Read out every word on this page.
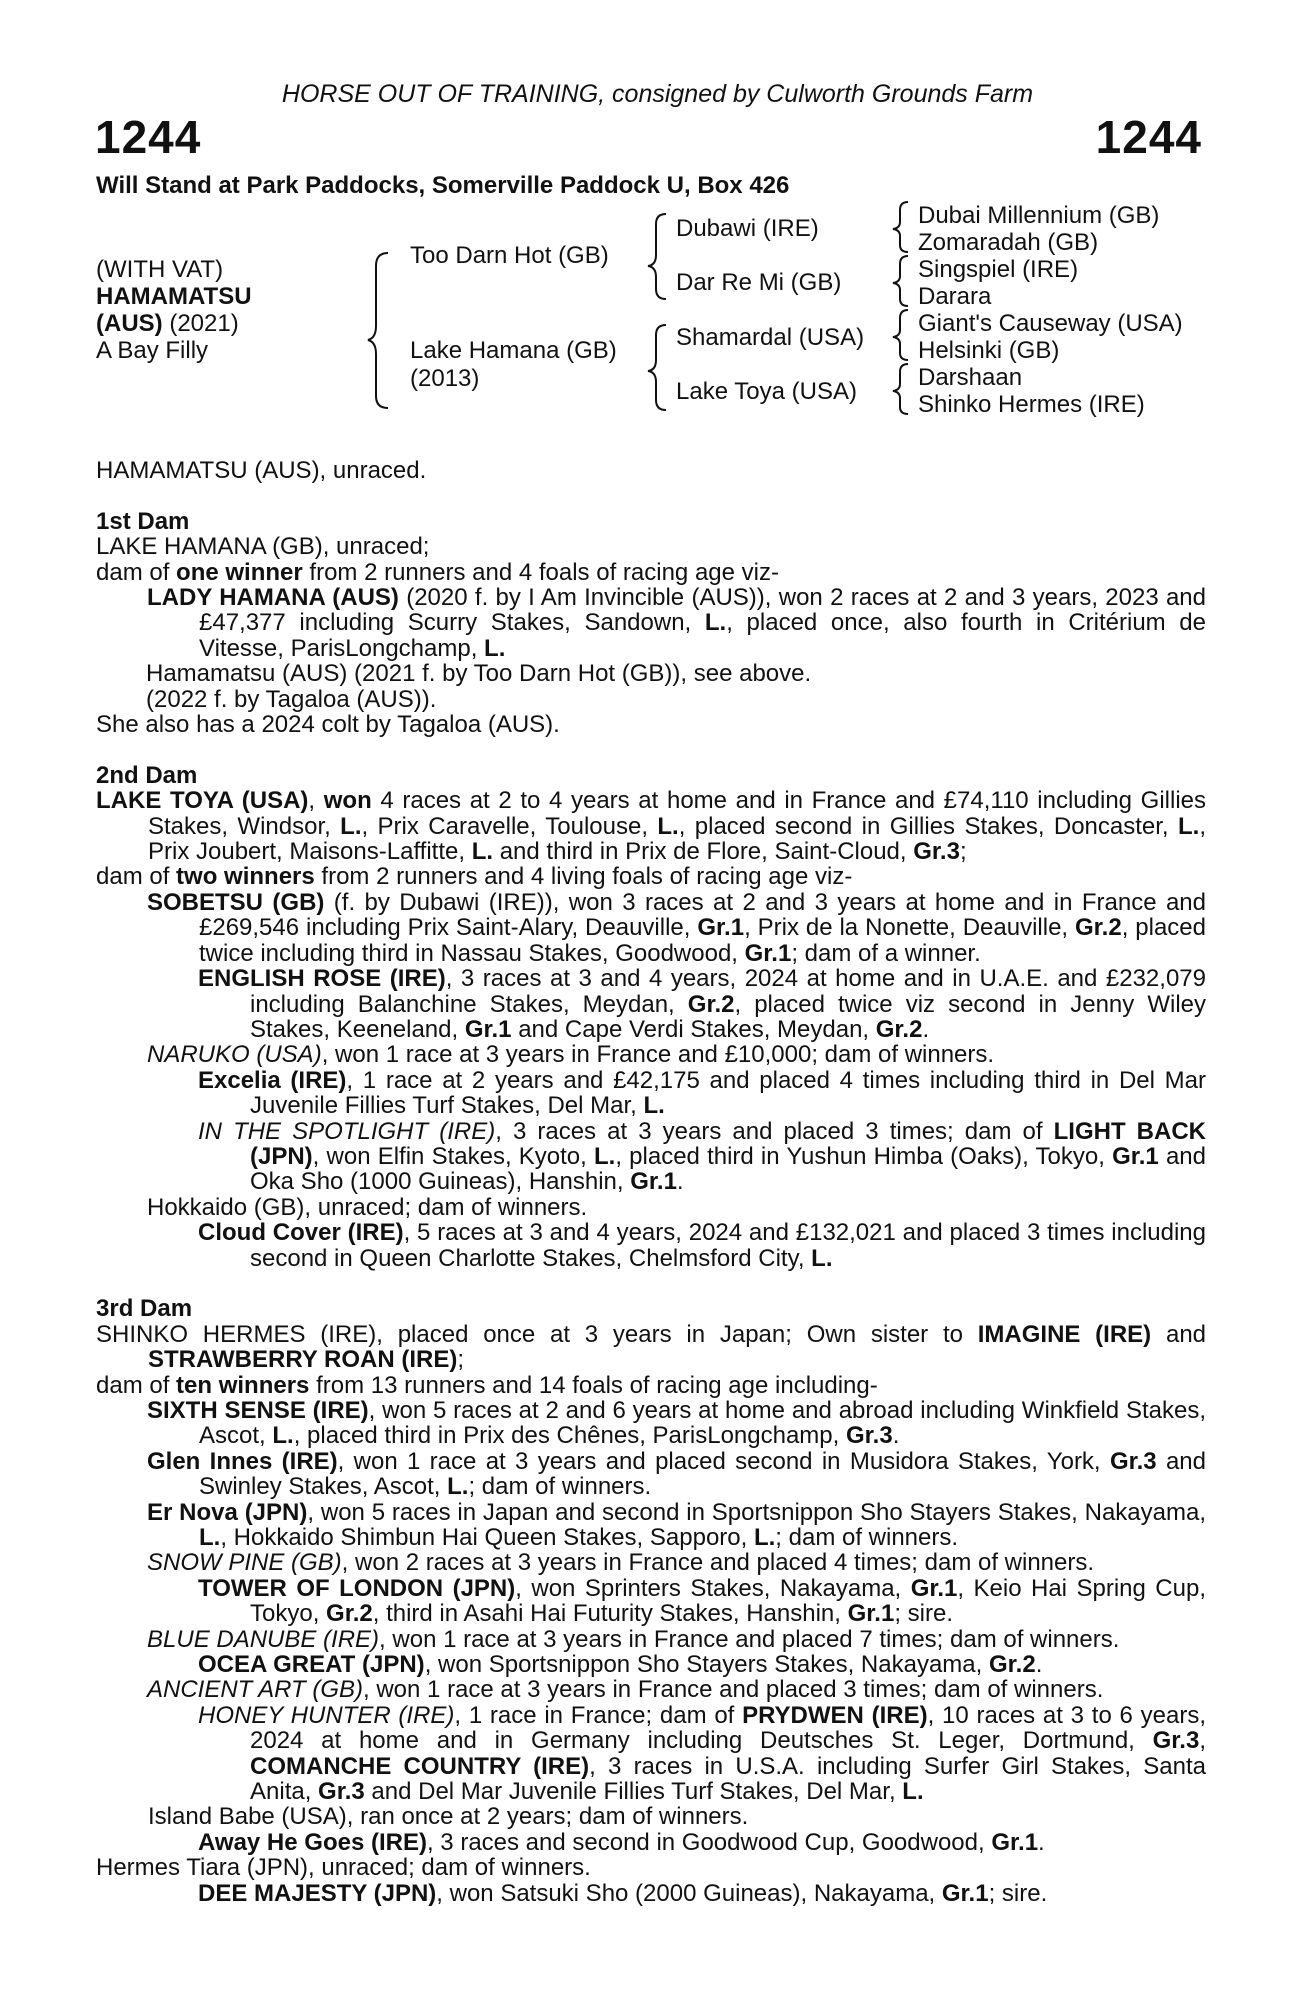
HORSE OUT OF TRAINING, consigned by Culworth Grounds Farm
1244	1244
Will Stand at Park Paddocks, Somerville Paddock U, Box 426
(WITH VAT)
HAMAMATSU
(AUS) (2021)
A Bay Filly
Too Darn Hot (GB)
Lake Hamana (GB)
(2013)
Dubawi (IRE)
Dar Re Mi (GB)
Shamardal (USA)
Lake Toya (USA)
Dubai Millennium (GB)
Zomaradah (GB)
Singspiel (IRE)
Darara
Giant's Causeway (USA)
Helsinki (GB)
Darshaan
Shinko Hermes (IRE)

HAMAMATSU (AUS), unraced.

1st Dam

LAKE HAMANA (GB), unraced;

dam of one winner from 2 runners and 4 foals of racing age viz-

LADY HAMANA (AUS) (2020 f. by I Am Invincible (AUS)), won 2 races at 2 and 3 years, 2023 and £47,377 including Scurry Stakes, Sandown, L., placed once, also fourth in Critérium de Vitesse, ParisLongchamp, L.

Hamamatsu (AUS) (2021 f. by Too Darn Hot (GB)), see above.

(2022 f. by Tagaloa (AUS)).

She also has a 2024 colt by Tagaloa (AUS).

2nd Dam

LAKE TOYA (USA), won 4 races at 2 to 4 years at home and in France and £74,110 including Gillies Stakes, Windsor, L., Prix Caravelle, Toulouse, L., placed second in Gillies Stakes, Doncaster, L., Prix Joubert, Maisons-Laffitte, L. and third in Prix de Flore, Saint-Cloud, Gr.3;

dam of two winners from 2 runners and 4 living foals of racing age viz-

SOBETSU (GB) (f. by Dubawi (IRE)), won 3 races at 2 and 3 years at home and in France and £269,546 including Prix Saint-Alary, Deauville, Gr.1, Prix de la Nonette, Deauville, Gr.2, placed twice including third in Nassau Stakes, Goodwood, Gr.1; dam of a winner.

ENGLISH ROSE (IRE), 3 races at 3 and 4 years, 2024 at home and in U.A.E. and £232,079 including Balanchine Stakes, Meydan, Gr.2, placed twice viz second in Jenny Wiley Stakes, Keeneland, Gr.1 and Cape Verdi Stakes, Meydan, Gr.2.

NARUKO (USA), won 1 race at 3 years in France and £10,000; dam of winners.

Excelia (IRE), 1 race at 2 years and £42,175 and placed 4 times including third in Del Mar Juvenile Fillies Turf Stakes, Del Mar, L.

IN THE SPOTLIGHT (IRE), 3 races at 3 years and placed 3 times; dam of LIGHT BACK (JPN), won Elfin Stakes, Kyoto, L., placed third in Yushun Himba (Oaks), Tokyo, Gr.1 and Oka Sho (1000 Guineas), Hanshin, Gr.1.

Hokkaido (GB), unraced; dam of winners.

Cloud Cover (IRE), 5 races at 3 and 4 years, 2024 and £132,021 and placed 3 times including second in Queen Charlotte Stakes, Chelmsford City, L.

3rd Dam

SHINKO HERMES (IRE), placed once at 3 years in Japan; Own sister to IMAGINE (IRE) and STRAWBERRY ROAN (IRE);

dam of ten winners from 13 runners and 14 foals of racing age including-

SIXTH SENSE (IRE), won 5 races at 2 and 6 years at home and abroad including Winkfield Stakes, Ascot, L., placed third in Prix des Chênes, ParisLongchamp, Gr.3.

Glen Innes (IRE), won 1 race at 3 years and placed second in Musidora Stakes, York, Gr.3 and Swinley Stakes, Ascot, L.; dam of winners.

Er Nova (JPN), won 5 races in Japan and second in Sportsnippon Sho Stayers Stakes, Nakayama, L., Hokkaido Shimbun Hai Queen Stakes, Sapporo, L.; dam of winners.

SNOW PINE (GB), won 2 races at 3 years in France and placed 4 times; dam of winners.

TOWER OF LONDON (JPN), won Sprinters Stakes, Nakayama, Gr.1, Keio Hai Spring Cup, Tokyo, Gr.2, third in Asahi Hai Futurity Stakes, Hanshin, Gr.1; sire.

BLUE DANUBE (IRE), won 1 race at 3 years in France and placed 7 times; dam of winners.

OCEA GREAT (JPN), won Sportsnippon Sho Stayers Stakes, Nakayama, Gr.2.

ANCIENT ART (GB), won 1 race at 3 years in France and placed 3 times; dam of winners.

HONEY HUNTER (IRE), 1 race in France; dam of PRYDWEN (IRE), 10 races at 3 to 6 years, 2024 at home and in Germany including Deutsches St. Leger, Dortmund, Gr.3, COMANCHE COUNTRY (IRE), 3 races in U.S.A. including Surfer Girl Stakes, Santa Anita, Gr.3 and Del Mar Juvenile Fillies Turf Stakes, Del Mar, L.

Island Babe (USA), ran once at 2 years; dam of winners.

Away He Goes (IRE), 3 races and second in Goodwood Cup, Goodwood, Gr.1.

Hermes Tiara (JPN), unraced; dam of winners.

DEE MAJESTY (JPN), won Satsuki Sho (2000 Guineas), Nakayama, Gr.1; sire.
